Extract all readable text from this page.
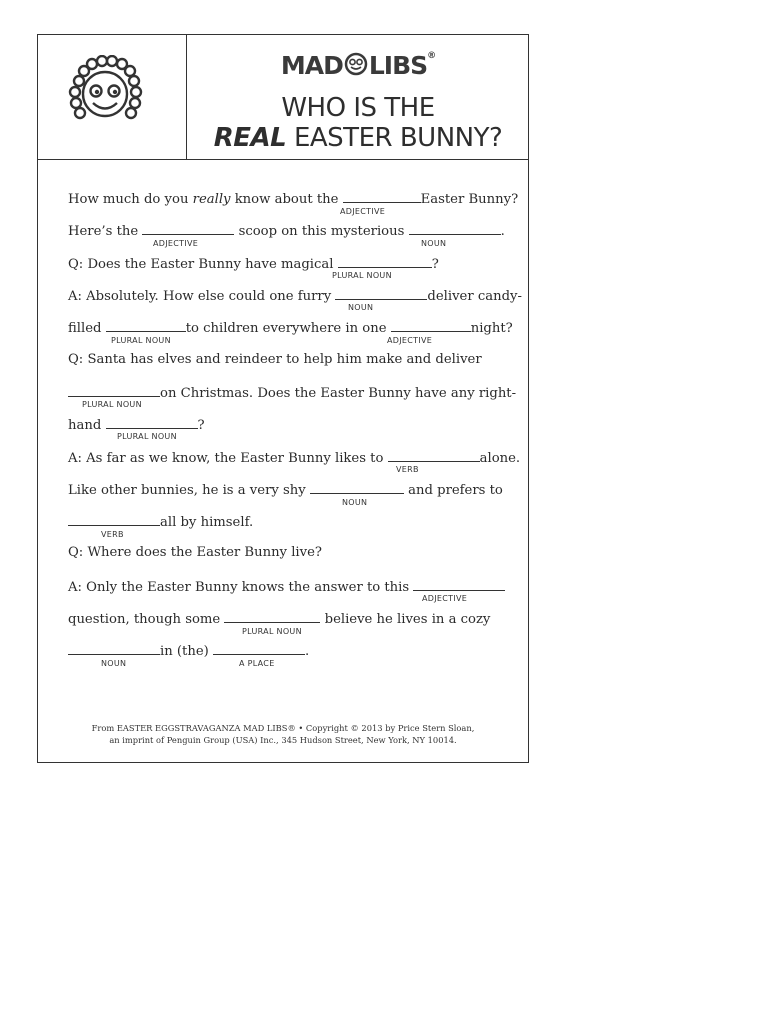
MAD LIBS®
WHO IS THE
REAL EASTER BUNNY?
How much do you really know about the	Easter Bunny?
ADJECTIVE
Here’s the	scoop on this mysterious	.
ADJECTIVE	NOUN
Q: Does the Easter Bunny have magical	?
PLURAL NOUN
A: Absolutely. How else could one furry	deliver candy-
NOUN
filled	to children everywhere in one	night?
PLURAL NOUN	ADJECTIVE
Q: Santa has elves and reindeer to help him make and deliver
on Christmas. Does the Easter Bunny have any right-
PLURAL NOUN
hand	?
PLURAL NOUN
A: As far as we know, the Easter Bunny likes to	alone.
VERB
Like other bunnies, he is a very shy	and prefers to
NOUN
all by himself.
VERB
Q: Where does the Easter Bunny live?
A: Only the Easter Bunny knows the answer to this
ADJECTIVE
question, though some	believe he lives in a cozy
PLURAL NOUN
in (the)	.
NOUN	A PLACE
From EASTER EGGSTRAVAGANZA MAD LIBS® • Copyright © 2013 by Price Stern Sloan,
an imprint of Penguin Group (USA) Inc., 345 Hudson Street, New York, NY 10014.
